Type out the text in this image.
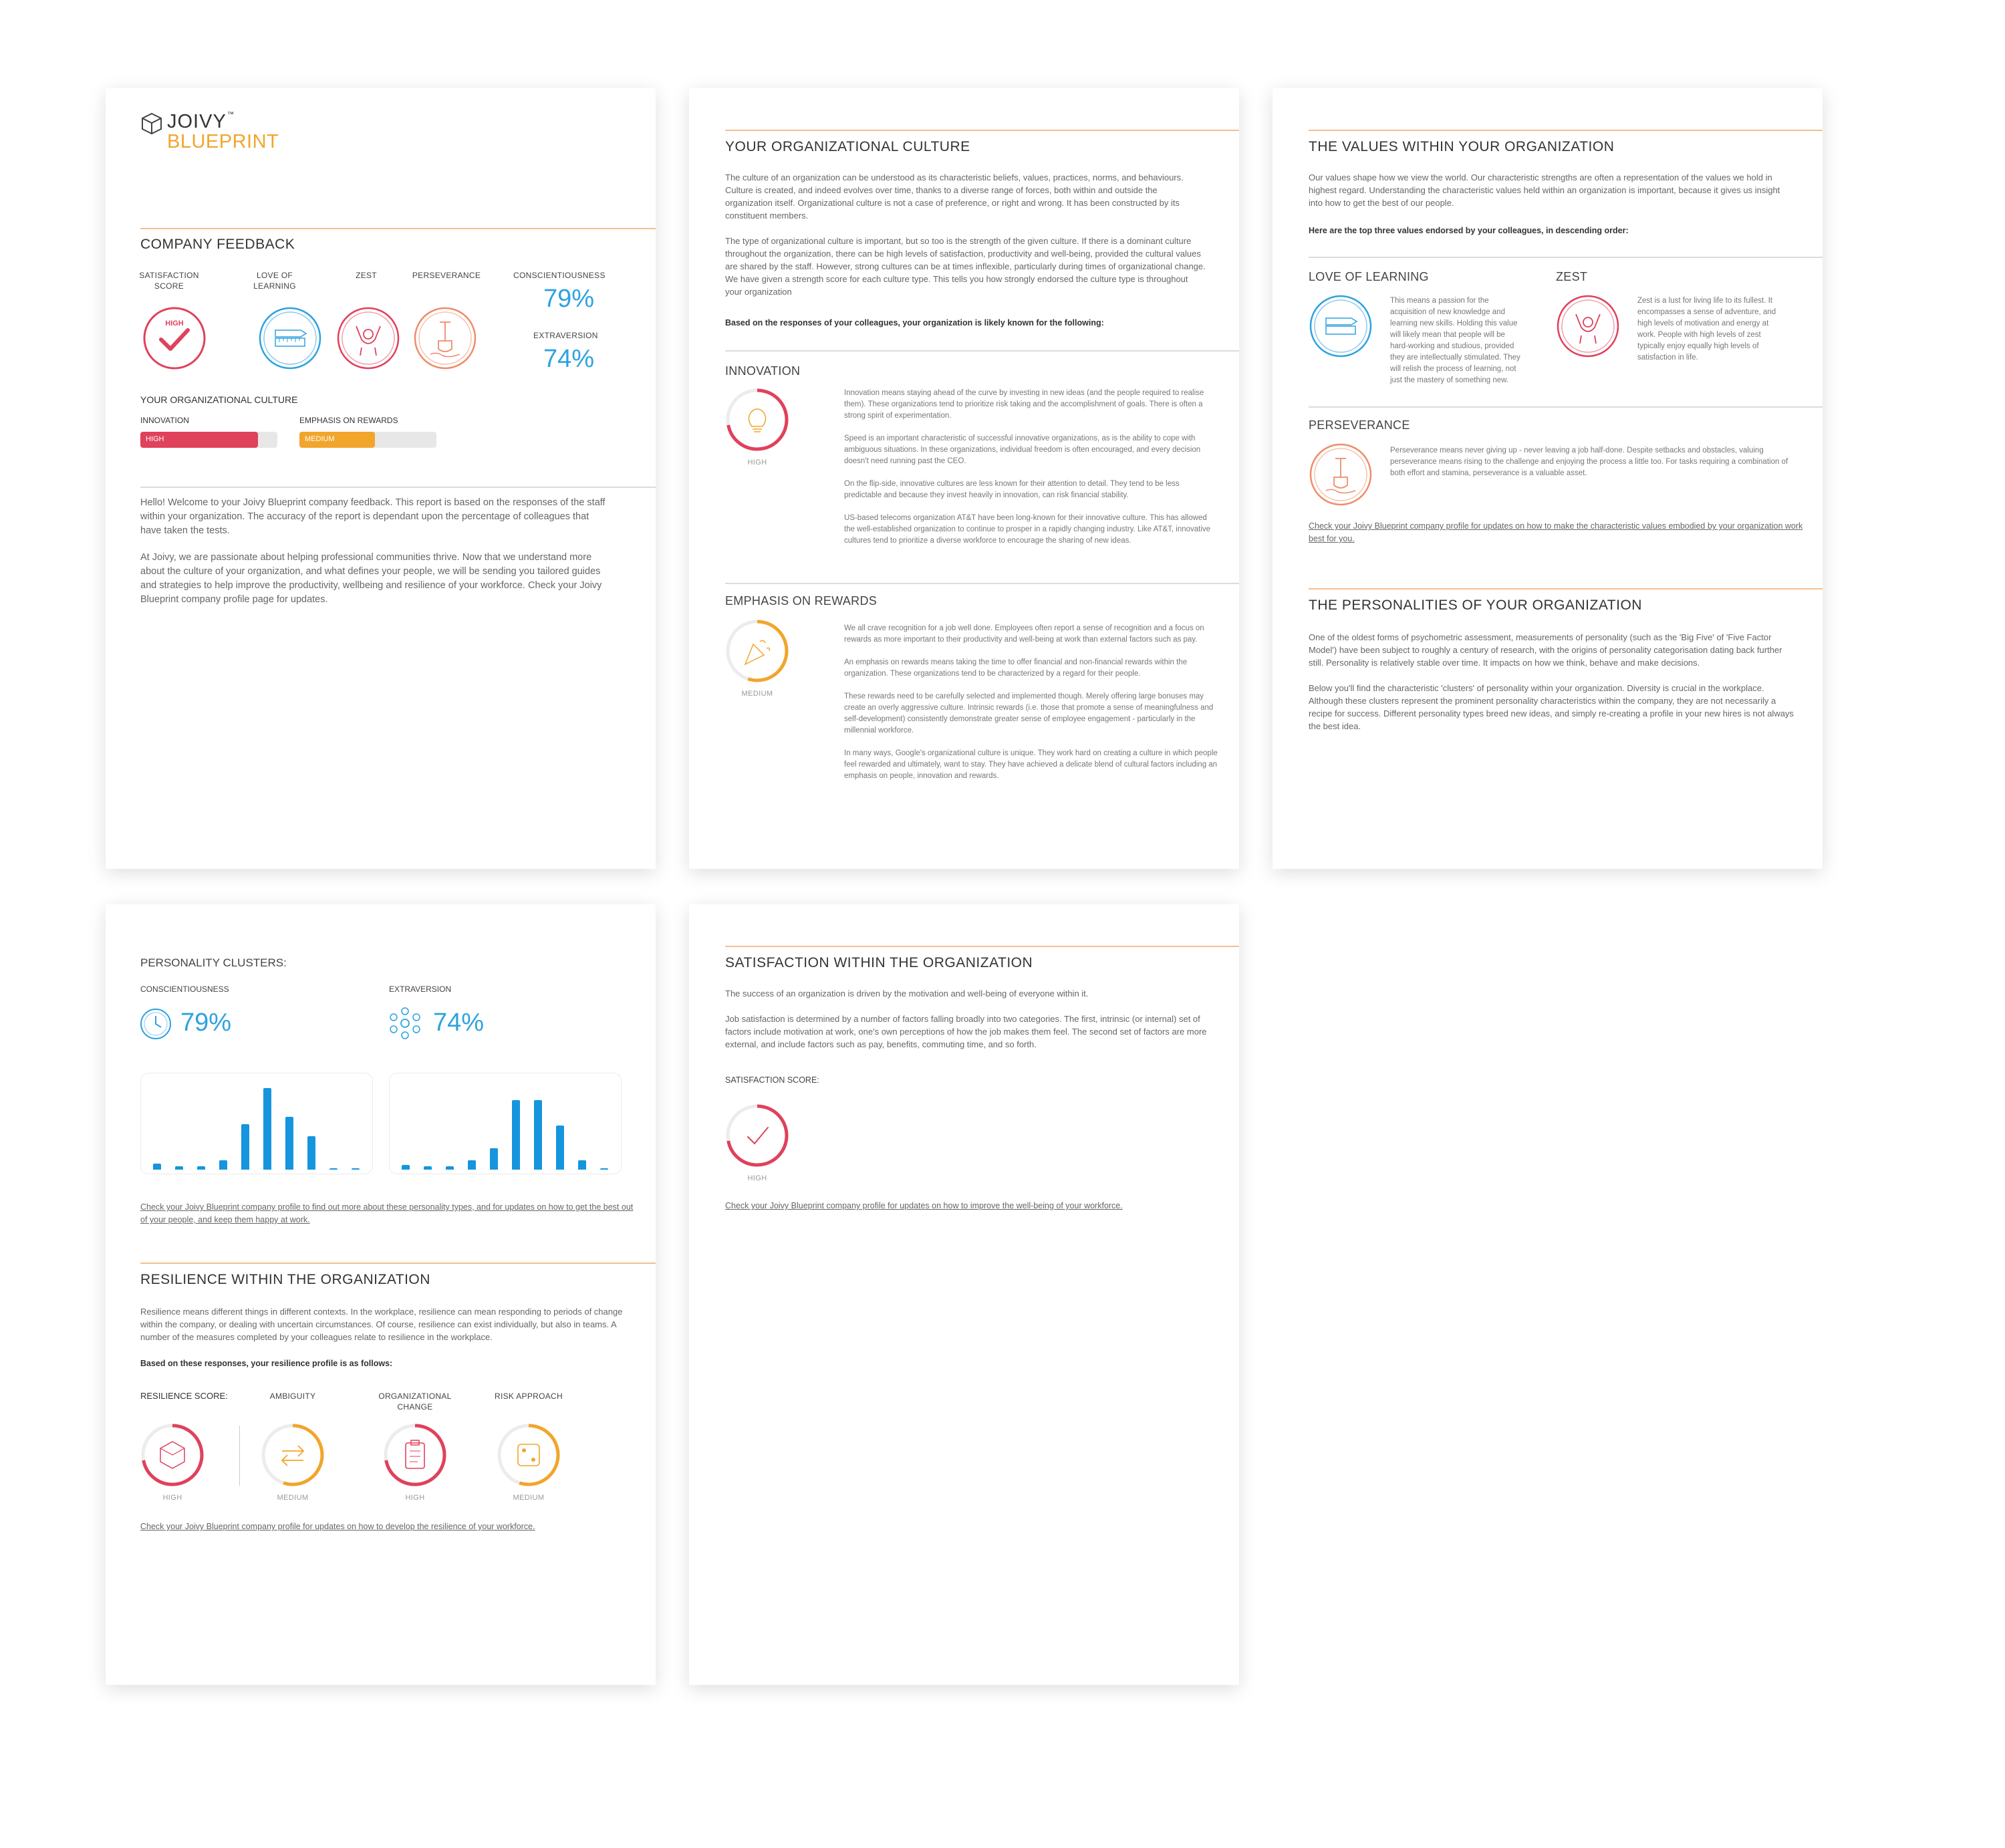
JOIVY ™
BLUEPRINT
COMPANY FEEDBACK
SATISFACTION SCORE
LOVE OF LEARNING
ZEST	PERSEVERANCE
HIGH
CONSCIENTIOUSNESS
79%
EXTRAVERSION
74%
YOUR ORGANIZATIONAL CULTURE
INNOVATION
HIGH
EMPHASIS ON REWARDS
MEDIUM

Hello! Welcome to your Joivy Blueprint company feedback. This report is based on the responses of the staff within your organization. The accuracy of the report is dependant upon the percentage of colleagues that have taken the tests.

At Joivy, we are passionate about helping professional communities thrive. Now that we understand more about the culture of your organization, and what defines your people, we will be sending you tailored guides and strategies to help improve the productivity, wellbeing and resilience of your workforce. Check your Joivy Blueprint company profile page for updates.

YOUR ORGANIZATIONAL CULTURE

The culture of an organization can be understood as its characteristic beliefs, values, practices, norms, and behaviours. Culture is created, and indeed evolves over time, thanks to a diverse range of forces, both within and outside the organization itself. Organizational culture is not a case of preference, or right and wrong. It has been constructed by its constituent members.

The type of organizational culture is important, but so too is the strength of the given culture. If there is a dominant culture throughout the organization, there can be high levels of satisfaction, productivity and well-being, provided the cultural values are shared by the staff. However, strong cultures can be at times inflexible, particularly during times of organizational change. We have given a strength score for each culture type. This tells you how strongly endorsed the culture type is throughout your organization

Based on the responses of your colleagues, your organization is likely known for the following:
INNOVATION
HIGH

Innovation means staying ahead of the curve by investing in new ideas (and the people required to realise them). These organizations tend to prioritize risk taking and the accomplishment of goals. There is often a strong spirit of experimentation.

Speed is an important characteristic of successful innovative organizations, as is the ability to cope with ambiguous situations. In these organizations, individual freedom is often encouraged, and every decision doesn't need running past the CEO.

On the flip-side, innovative cultures are less known for their attention to detail. They tend to be less predictable and because they invest heavily in innovation, can risk financial stability.

US-based telecoms organization AT&T have been long-known for their innovative culture. This has allowed the well-established organization to continue to prosper in a rapidly changing industry. Like AT&T, innovative cultures tend to prioritize a diverse workforce to encourage the sharing of new ideas.

EMPHASIS ON REWARDS
MEDIUM

We all crave recognition for a job well done. Employees often report a sense of recognition and a focus on rewards as more important to their productivity and well-being at work than external factors such as pay.

An emphasis on rewards means taking the time to offer financial and non-financial rewards within the organization. These organizations tend to be characterized by a regard for their people.

These rewards need to be carefully selected and implemented though. Merely offering large bonuses may create an overly aggressive culture. Intrinsic rewards (i.e. those that promote a sense of meaningfulness and self-development) consistently demonstrate greater sense of employee engagement - particularly in the millennial workforce.

In many ways, Google's organizational culture is unique. They work hard on creating a culture in which people feel rewarded and ultimately, want to stay. They have achieved a delicate blend of cultural factors including an emphasis on people, innovation and rewards.

THE VALUES WITHIN YOUR ORGANIZATION
Our values shape how we view the world. Our characteristic strengths are often a representation of the values we hold in highest regard. Understanding the characteristic values held within an organization is important, because it gives us insight into how to get the best of our people.
Here are the top three values endorsed by your colleagues, in descending order:
LOVE OF LEARNING
This means a passion for the acquisition of new knowledge and learning new skills. Holding this value will likely mean that people will be hard-working and studious, provided they are intellectually stimulated. They will relish the process of learning, not just the mastery of something new.
ZEST
Zest is a lust for living life to its fullest. It encompasses a sense of adventure, and high levels of motivation and energy at work. People with high levels of zest typically enjoy equally high levels of satisfaction in life.
PERSEVERANCE
Perseverance means never giving up - never leaving a job half-done. Despite setbacks and obstacles, valuing perseverance means rising to the challenge and enjoying the process a little too. For tasks requiring a combination of both effort and stamina, perseverance is a valuable asset.
Check your Joivy Blueprint company profile for updates on how to make the characteristic values embodied by your organization work best for you.
THE PERSONALITIES OF YOUR ORGANIZATION

One of the oldest forms of psychometric assessment, measurements of personality (such as the 'Big Five' of 'Five Factor Model') have been subject to roughly a century of research, with the origins of personality categorisation dating back further still. Personality is relatively stable over time. It impacts on how we think, behave and make decisions.

Below you'll find the characteristic 'clusters' of personality within your organization. Diversity is crucial in the workplace. Although these clusters represent the prominent personality characteristics within the company, they are not necessarily a recipe for success. Different personality types breed new ideas, and simply re-creating a profile in your new hires is not always the best idea.

PERSONALITY CLUSTERS:
CONSCIENTIOUSNESS	EXTRAVERSION
79%	74%
Check your Joivy Blueprint company profile to find out more about these personality types, and for updates on how to get the best out of your people, and keep them happy at work.
RESILIENCE WITHIN THE ORGANIZATION
Resilience means different things in different contexts. In the workplace, resilience can mean responding to periods of change within the company, or dealing with uncertain circumstances. Of course, resilience can exist individually, but also in teams. A number of the measures completed by your colleagues relate to resilience in the workplace.
Based on these responses, your resilience profile is as follows:
RESILIENCE SCORE:	AMBIGUITY	ORGANIZATIONAL CHANGE
RISK APPROACH
HIGH	MEDIUM	HIGH	MEDIUM
Check your Joivy Blueprint company profile for updates on how to develop the resilience of your workforce.
SATISFACTION WITHIN THE ORGANIZATION

The success of an organization is driven by the motivation and well-being of everyone within it.

Job satisfaction is determined by a number of factors falling broadly into two categories. The first, intrinsic (or internal) set of factors include motivation at work, one's own perceptions of how the job makes them feel. The second set of factors are more external, and include factors such as pay, benefits, commuting time, and so forth.

SATISFACTION SCORE:
HIGH
Check your Joivy Blueprint company profile for updates on how to improve the well-being of your workforce.
